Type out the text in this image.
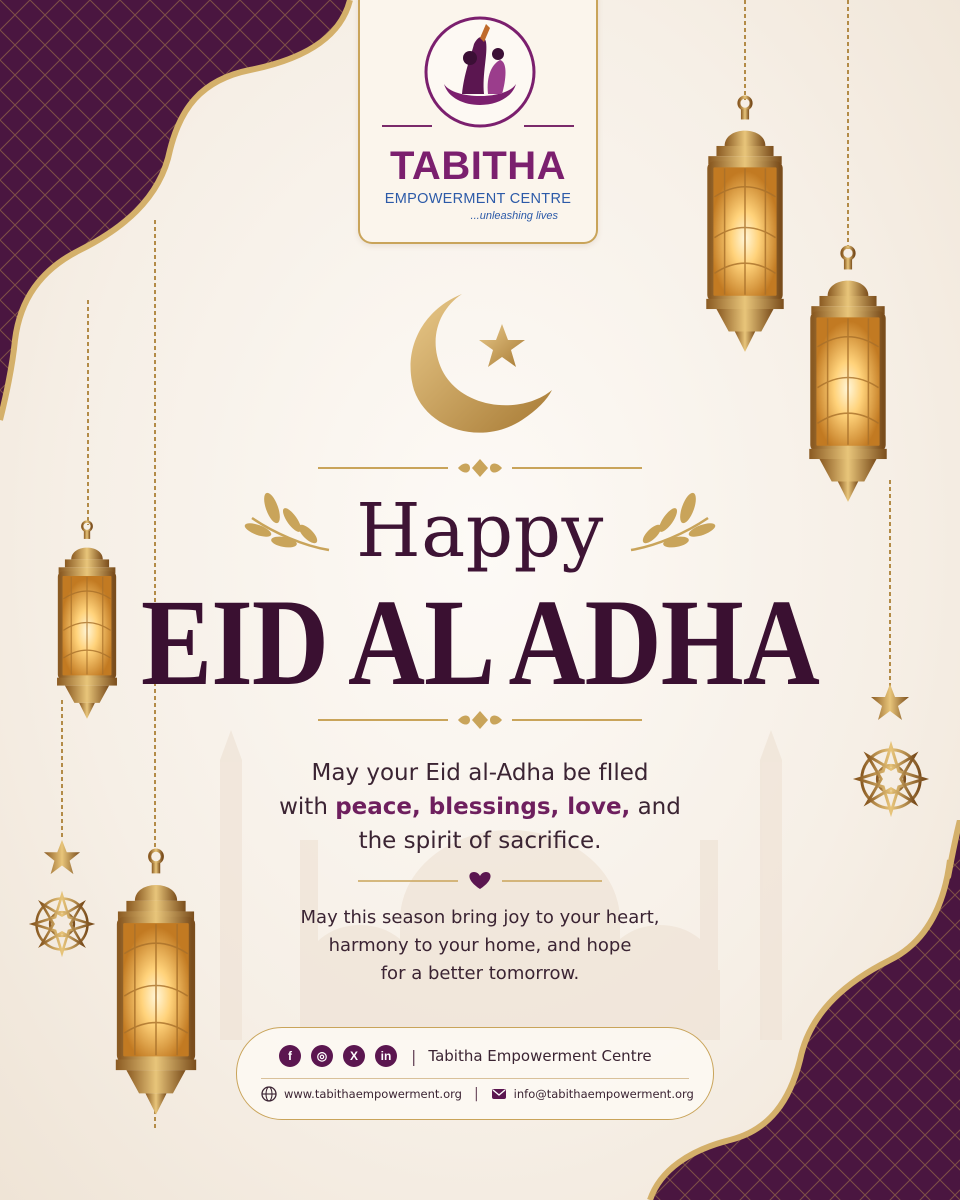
TABITHA
EMPOWERMENT CENTRE
...unleashing lives
Happy
EID AL ADHA
May your Eid al-Adha be fIled
with peace, blessings, love, and
the spirit of sacrifice.
May this season bring joy to your heart,
harmony to your home, and hope
for a better tomorrow.
f	◎	X	in	| Tabitha Empowerment Centre
www.tabithaempowerment.org |	info@tabithaempowerment.org
